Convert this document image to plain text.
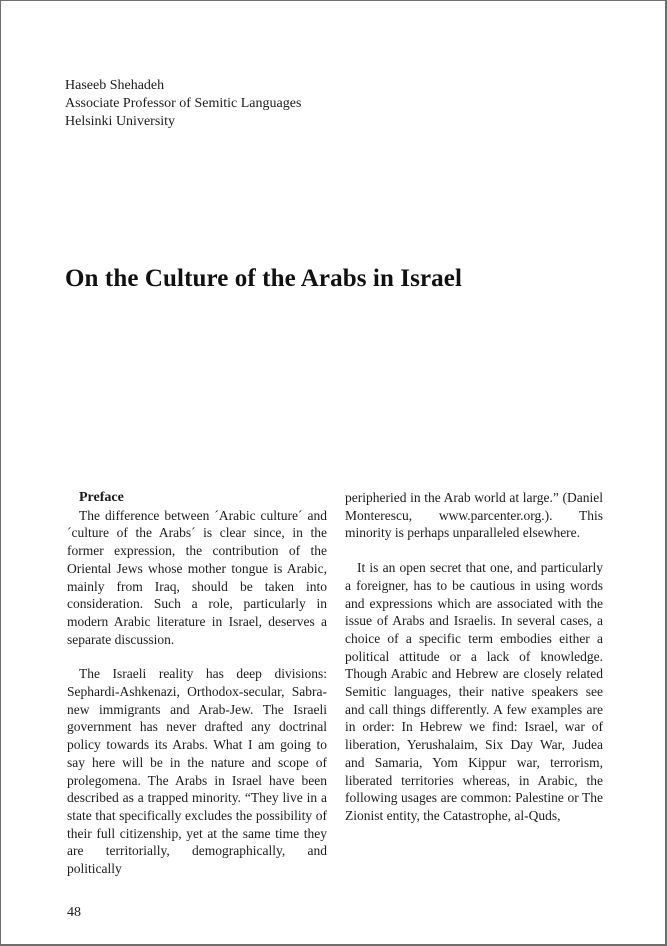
Haseeb Shehadeh
Associate Professor of Semitic Languages
Helsinki University
On the Culture of the Arabs in Israel
Preface

The difference between ´Arabic culture´ and ´culture of the Arabs´ is clear since, in the former expression, the contribution of the Oriental Jews whose mother tongue is Arabic, mainly from Iraq, should be taken into consideration. Such a role, particularly in modern Arabic literature in Israel, deserves a separate discussion.

The Israeli reality has deep divisions: Sephardi-Ashkenazi, Orthodox-secular, Sabra-new immigrants and Arab-Jew. The Israeli government has never drafted any doctrinal policy towards its Arabs. What I am going to say here will be in the nature and scope of prolegomena. The Arabs in Israel have been described as a trapped minority. “They live in a state that specifically excludes the possibility of their full citizenship, yet at the same time they are territorially, demographically, and politically

peripheried in the Arab world at large.” (Daniel Monterescu, www.parcenter.org.). This minority is perhaps unparalleled elsewhere.

It is an open secret that one, and particularly a foreigner, has to be cautious in using words and expressions which are associated with the issue of Arabs and Israelis. In several cases, a choice of a specific term embodies either a political attitude or a lack of knowledge. Though Arabic and Hebrew are closely related Semitic languages, their native speakers see and call things differently. A few examples are in order: In Hebrew we find: Israel, war of liberation, Yerushalaim, Six Day War, Judea and Samaria, Yom Kippur war, terrorism, liberated territories whereas, in Arabic, the following usages are common: Palestine or The Zionist entity, the Catastrophe, al-Quds,

48
